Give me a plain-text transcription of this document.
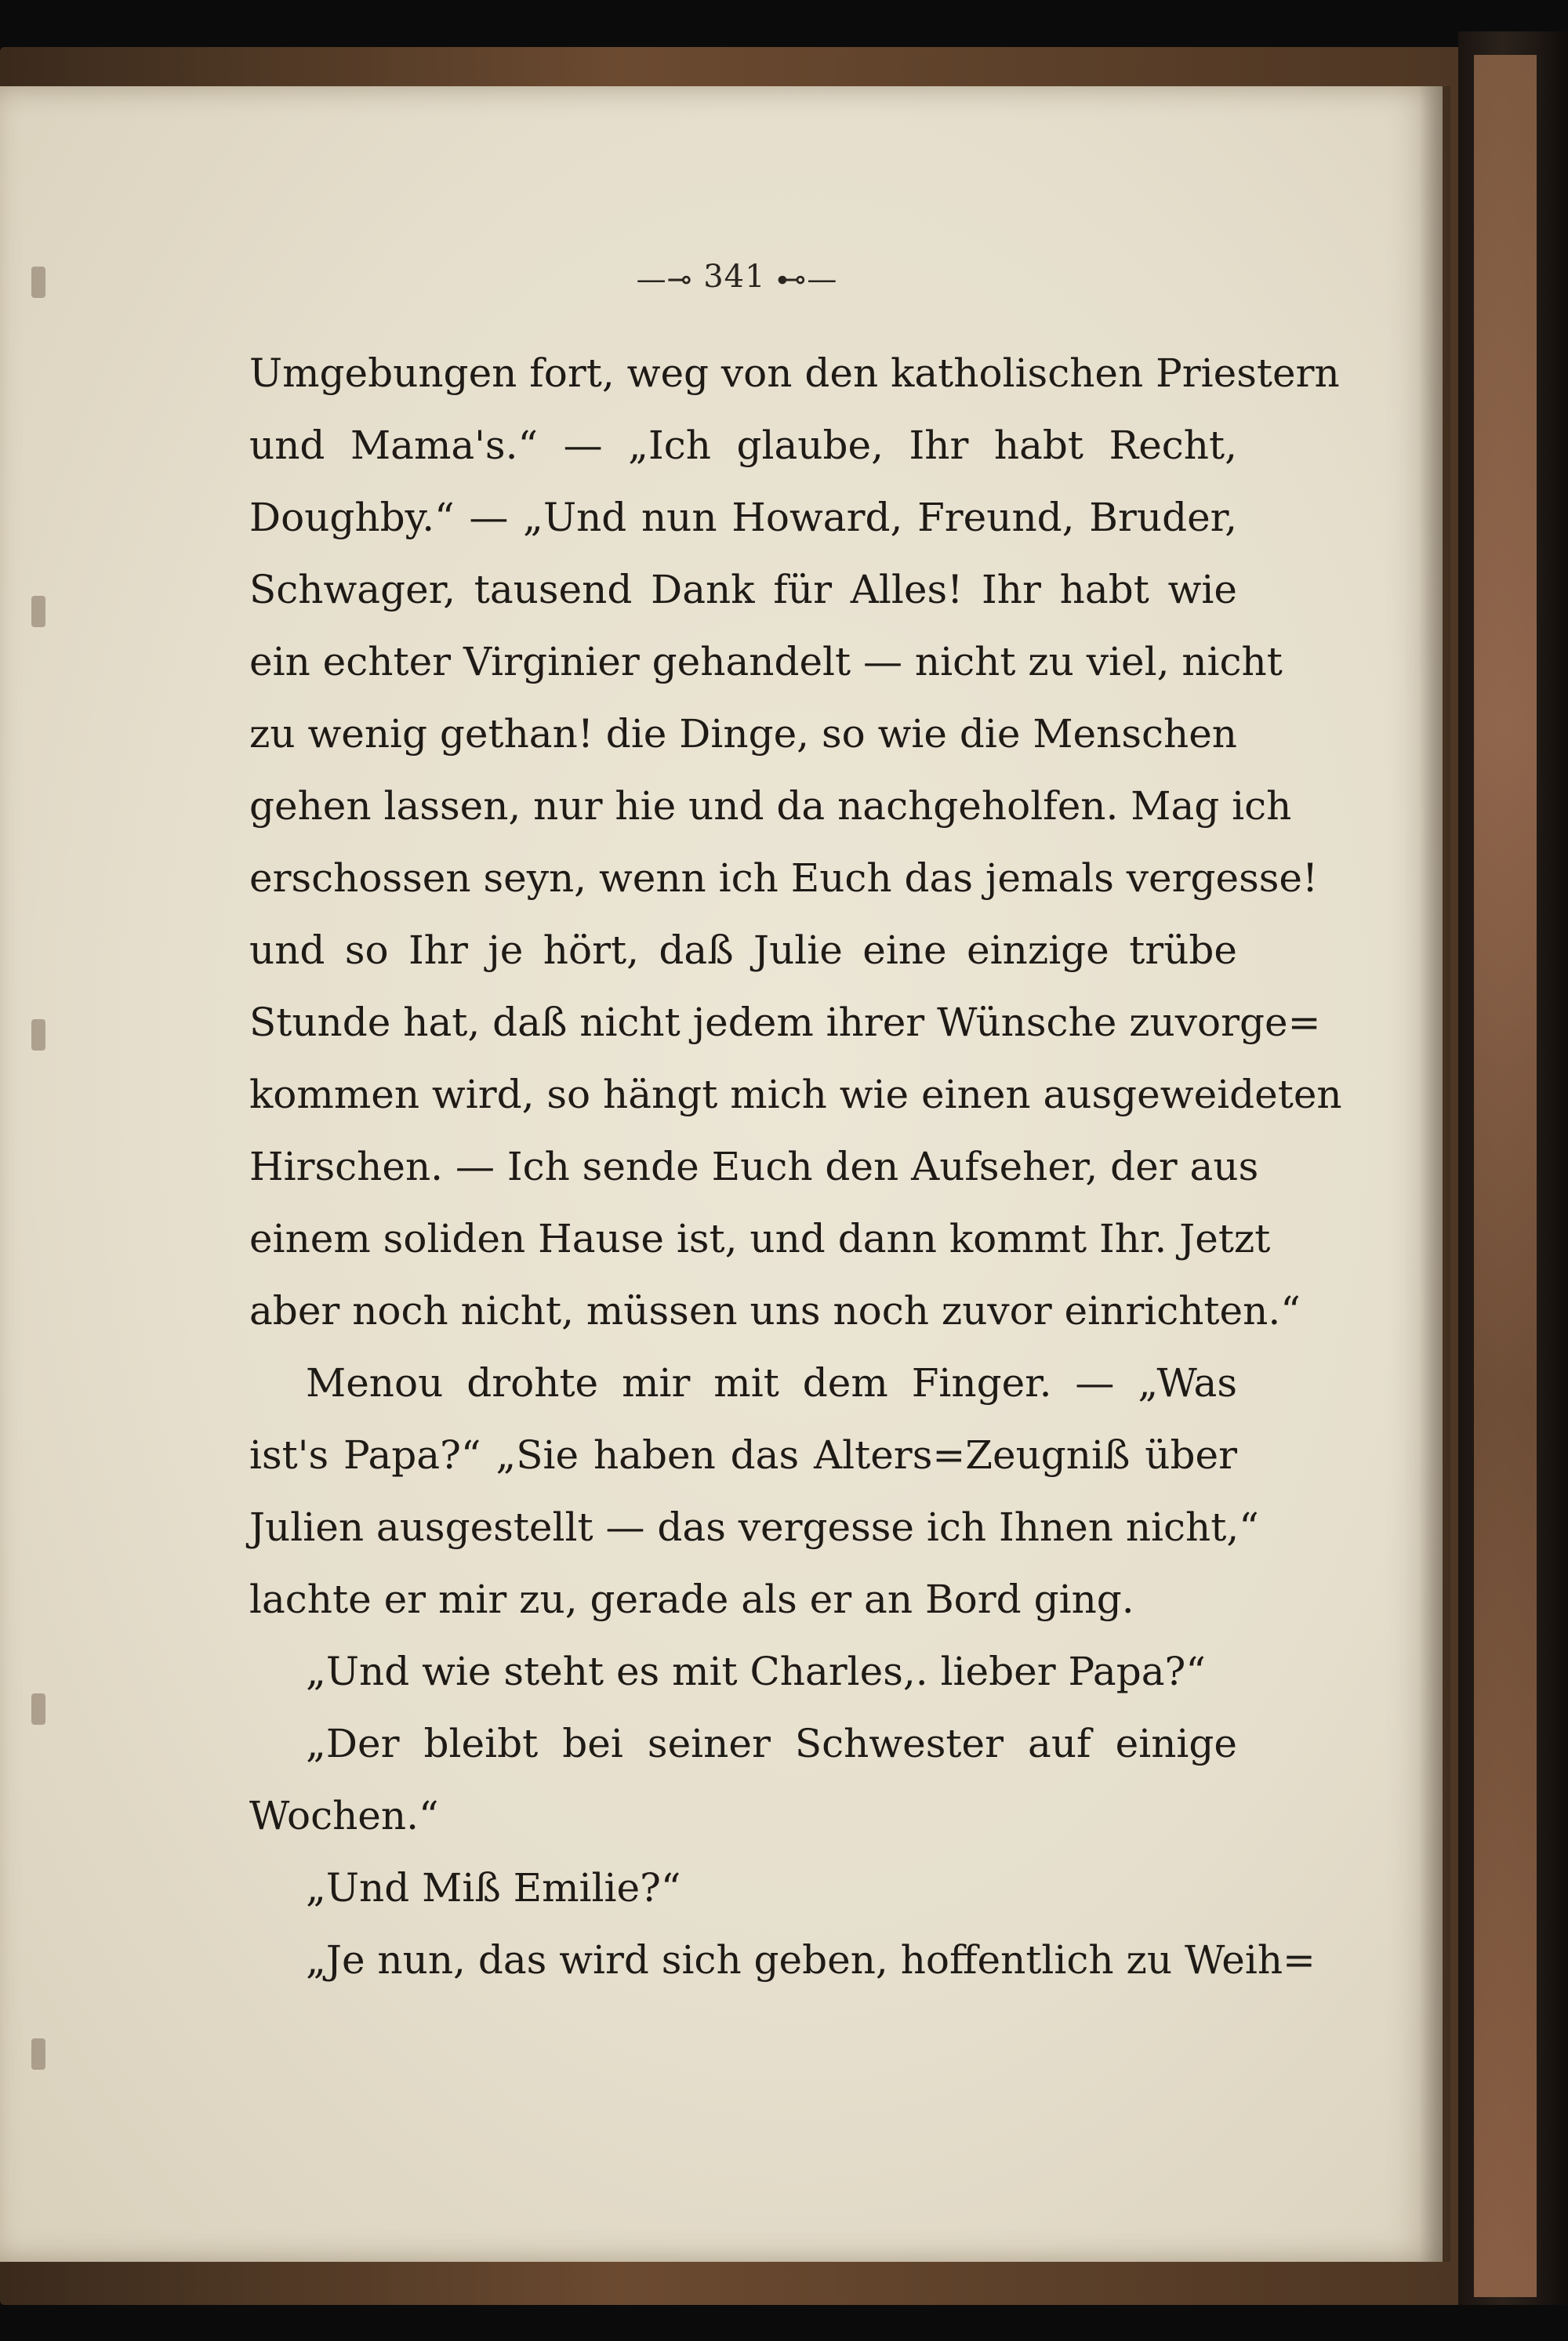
—⊸ 341 ⊷—
Umgebungen fort, weg von den katholischen Priestern
und Mama's.“ — „Ich glaube, Ihr habt Recht,
Doughby.“ — „Und nun Howard, Freund, Bruder,
Schwager, tausend Dank für Alles! Ihr habt wie
ein echter Virginier gehandelt — nicht zu viel, nicht
zu wenig gethan! die Dinge, so wie die Menschen
gehen lassen, nur hie und da nachgeholfen. Mag ich
erschossen seyn, wenn ich Euch das jemals vergesse!
und so Ihr je hört, daß Julie eine einzige trübe
Stunde hat, daß nicht jedem ihrer Wünsche zuvorge=
kommen wird, so hängt mich wie einen ausgeweideten
Hirschen. — Ich sende Euch den Aufseher, der aus
einem soliden Hause ist, und dann kommt Ihr. Jetzt
aber noch nicht, müssen uns noch zuvor einrichten.“
Menou drohte mir mit dem Finger. — „Was
ist's Papa?“ „Sie haben das Alters=Zeugniß über
Julien ausgestellt — das vergesse ich Ihnen nicht,“
lachte er mir zu, gerade als er an Bord ging.
„Und wie steht es mit Charles,. lieber Papa?“
„Der bleibt bei seiner Schwester auf einige
Wochen.“
„Und Miß Emilie?“
„Je nun, das wird sich geben, hoffentlich zu Weih=
